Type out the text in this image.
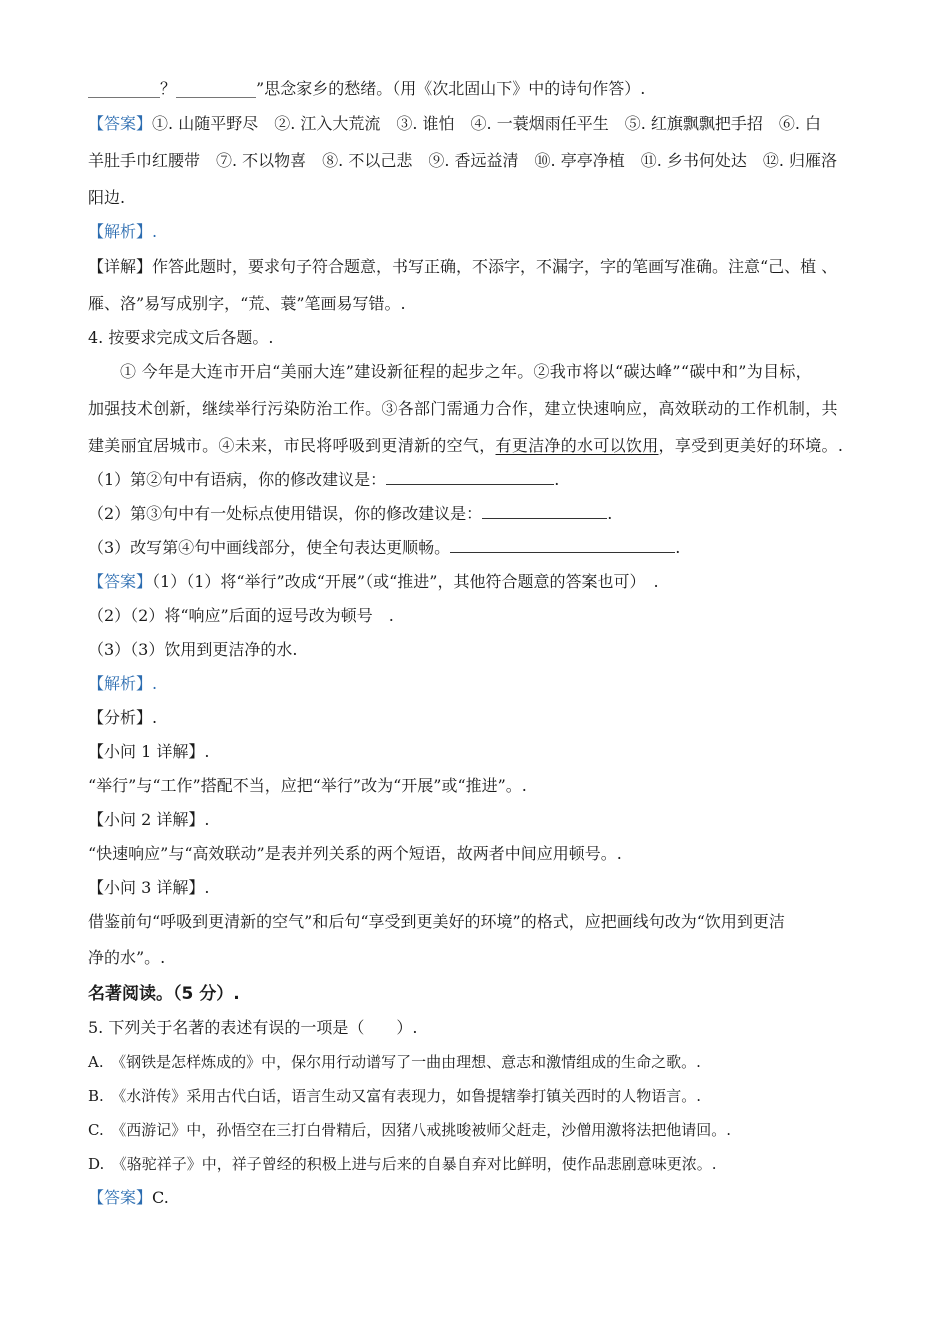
_________？__________”思念家乡的愁绪。（用《次北固山下》中的诗句作答）.
【答案】①. 山随平野尽　②. 江入大荒流　③. 谁怕　④. 一蓑烟雨任平生　⑤. 红旗飘飘把手招　⑥. 白
羊肚手巾红腰带　⑦. 不以物喜　⑧. 不以己悲　⑨. 香远益清　⑩. 亭亭净植　⑪. 乡书何处达　⑫. 归雁洛
阳边.
【解析】.
【详解】作答此题时，要求句子符合题意，书写正确，不添字，不漏字，字的笔画写准确。注意“己、植 、
雁、洛”易写成别字，“荒、蓑”笔画易写错。.
4. 按要求完成文后各题。.
① 今年是大连市开启“美丽大连”建设新征程的起步之年。②我市将以“碳达峰”“碳中和”为目标，
加强技术创新，继续举行污染防治工作。③各部门需通力合作，建立快速响应，高效联动的工作机制，共
建美丽宜居城市。④未来，市民将呼吸到更清新的空气，有更洁净的水可以饮用，享受到更美好的环境。.
（1）第②句中有语病，你的修改建议是：	.
（2）第③句中有一处标点使用错误，你的修改建议是：	.
（3）改写第④句中画线部分，使全句表达更顺畅。	.
【答案】（1）（1）将“举行”改成“开展”（或“推进”，其他符合题意的答案也可）　.
（2）（2）将“响应”后面的逗号改为顿号　.
（3）（3）饮用到更洁净的水.
【解析】.
【分析】.
【小问 1 详解】.
“举行”与“工作”搭配不当，应把“举行”改为“开展”或“推进”。.
【小问 2 详解】.
“快速响应”与“高效联动”是表并列关系的两个短语，故两者中间应用顿号。.
【小问 3 详解】.
借鉴前句“呼吸到更清新的空气”和后句“享受到更美好的环境”的格式，应把画线句改为“饮用到更洁
净的水”。.
名著阅读。（5 分）.
5. 下列关于名著的表述有误的一项是（　　）.
A.　《钢铁是怎样炼成的》中，保尔用行动谱写了一曲由理想、意志和激情组成的生命之歌。.
B.　《水浒传》采用古代白话，语言生动又富有表现力，如鲁提辖拳打镇关西时的人物语言。.
C.　《西游记》中，孙悟空在三打白骨精后，因猪八戒挑唆被师父赶走，沙僧用激将法把他请回。.
D.　《骆驼祥子》中，祥子曾经的积极上进与后来的自暴自弃对比鲜明，使作品悲剧意味更浓。.
【答案】C.
